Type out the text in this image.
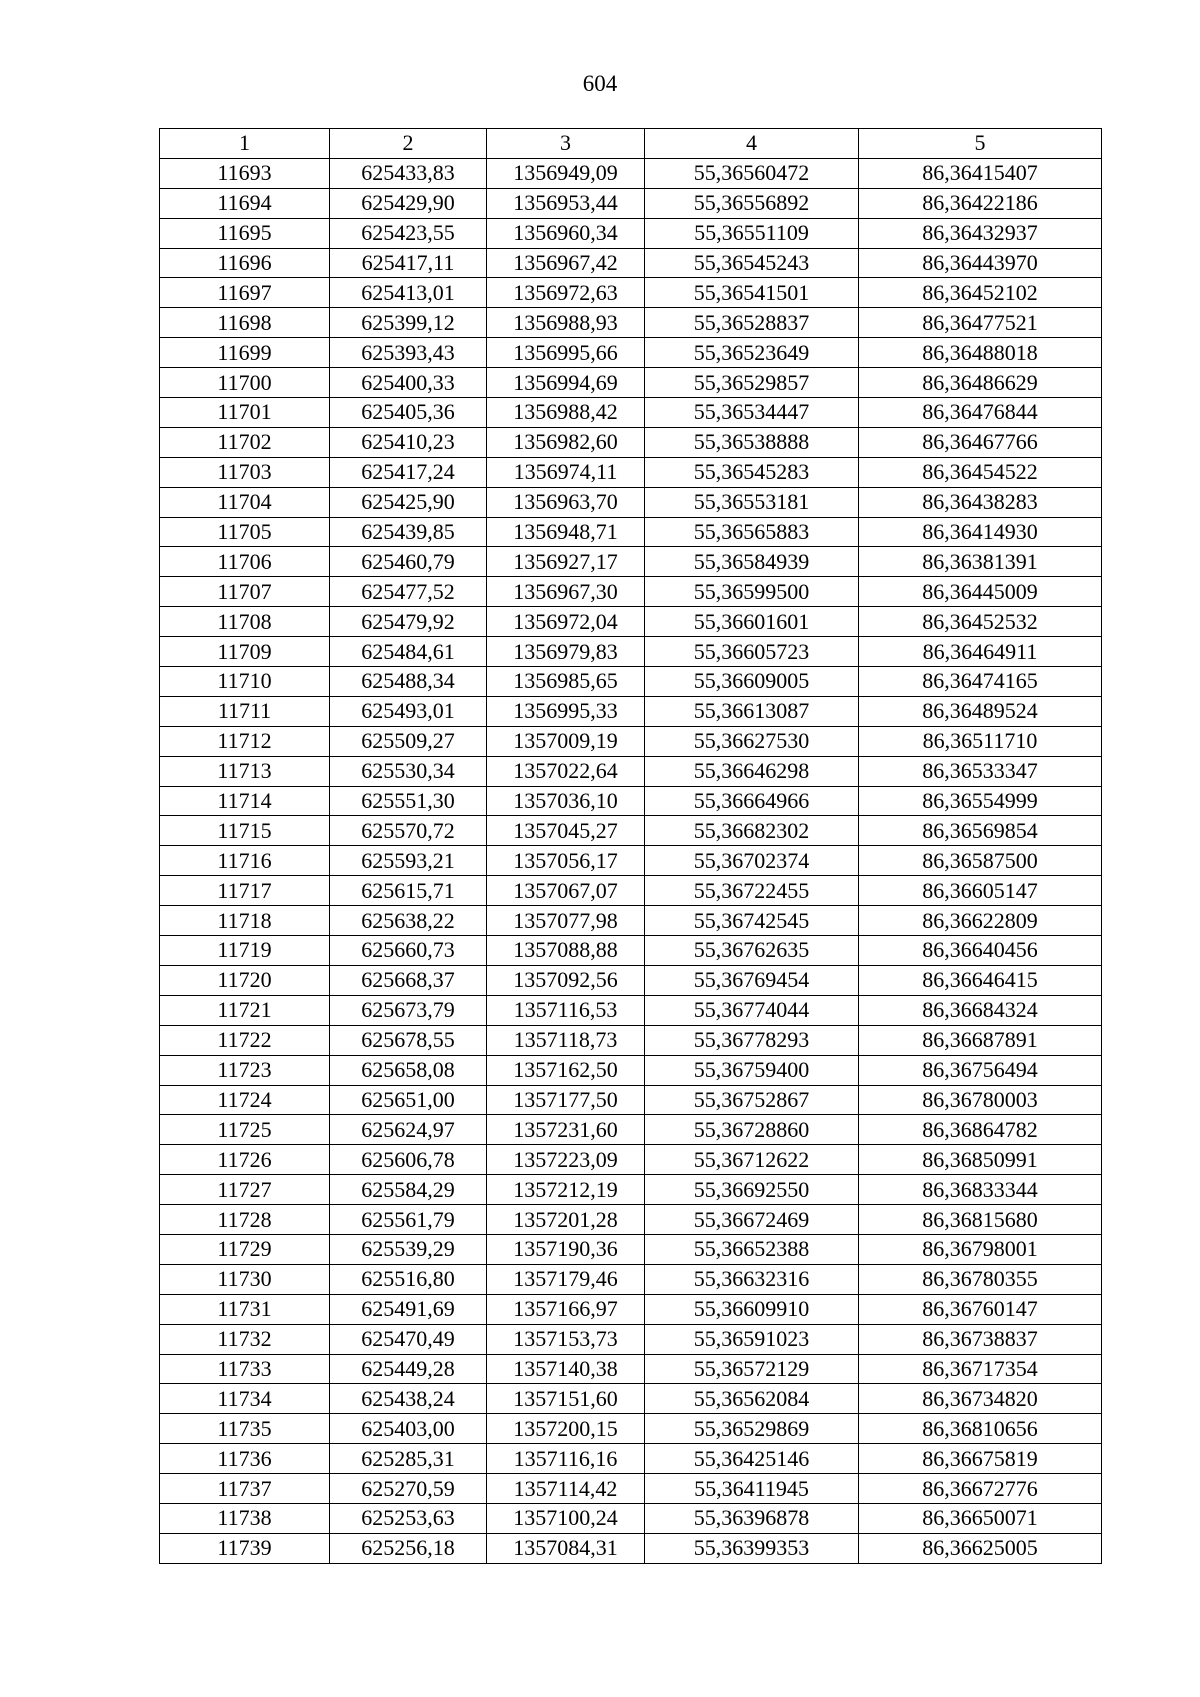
604
1	2	3	4	5
11693	625433,83	1356949,09	55,36560472	86,36415407
11694	625429,90	1356953,44	55,36556892	86,36422186
11695	625423,55	1356960,34	55,36551109	86,36432937
11696	625417,11	1356967,42	55,36545243	86,36443970
11697	625413,01	1356972,63	55,36541501	86,36452102
11698	625399,12	1356988,93	55,36528837	86,36477521
11699	625393,43	1356995,66	55,36523649	86,36488018
11700	625400,33	1356994,69	55,36529857	86,36486629
11701	625405,36	1356988,42	55,36534447	86,36476844
11702	625410,23	1356982,60	55,36538888	86,36467766
11703	625417,24	1356974,11	55,36545283	86,36454522
11704	625425,90	1356963,70	55,36553181	86,36438283
11705	625439,85	1356948,71	55,36565883	86,36414930
11706	625460,79	1356927,17	55,36584939	86,36381391
11707	625477,52	1356967,30	55,36599500	86,36445009
11708	625479,92	1356972,04	55,36601601	86,36452532
11709	625484,61	1356979,83	55,36605723	86,36464911
11710	625488,34	1356985,65	55,36609005	86,36474165
11711	625493,01	1356995,33	55,36613087	86,36489524
11712	625509,27	1357009,19	55,36627530	86,36511710
11713	625530,34	1357022,64	55,36646298	86,36533347
11714	625551,30	1357036,10	55,36664966	86,36554999
11715	625570,72	1357045,27	55,36682302	86,36569854
11716	625593,21	1357056,17	55,36702374	86,36587500
11717	625615,71	1357067,07	55,36722455	86,36605147
11718	625638,22	1357077,98	55,36742545	86,36622809
11719	625660,73	1357088,88	55,36762635	86,36640456
11720	625668,37	1357092,56	55,36769454	86,36646415
11721	625673,79	1357116,53	55,36774044	86,36684324
11722	625678,55	1357118,73	55,36778293	86,36687891
11723	625658,08	1357162,50	55,36759400	86,36756494
11724	625651,00	1357177,50	55,36752867	86,36780003
11725	625624,97	1357231,60	55,36728860	86,36864782
11726	625606,78	1357223,09	55,36712622	86,36850991
11727	625584,29	1357212,19	55,36692550	86,36833344
11728	625561,79	1357201,28	55,36672469	86,36815680
11729	625539,29	1357190,36	55,36652388	86,36798001
11730	625516,80	1357179,46	55,36632316	86,36780355
11731	625491,69	1357166,97	55,36609910	86,36760147
11732	625470,49	1357153,73	55,36591023	86,36738837
11733	625449,28	1357140,38	55,36572129	86,36717354
11734	625438,24	1357151,60	55,36562084	86,36734820
11735	625403,00	1357200,15	55,36529869	86,36810656
11736	625285,31	1357116,16	55,36425146	86,36675819
11737	625270,59	1357114,42	55,36411945	86,36672776
11738	625253,63	1357100,24	55,36396878	86,36650071
11739	625256,18	1357084,31	55,36399353	86,36625005
